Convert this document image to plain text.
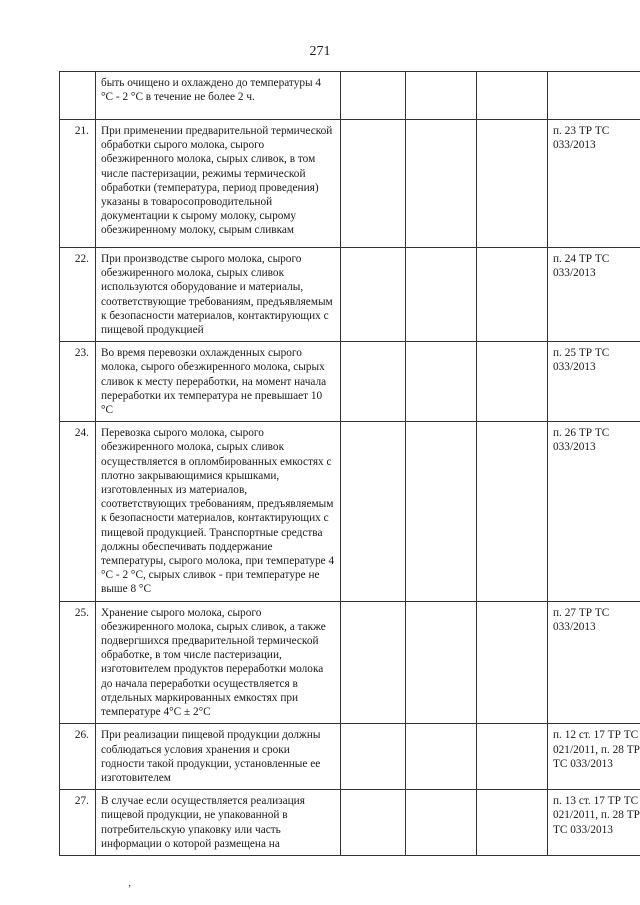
271
	быть очищено и охлаждено до температуры 4 °С - 2 °С в течение не более 2 ч.				
21.	При применении предварительной термической обработки сырого молока, сырого обезжиренного молока, сырых сливок, в том числе пастеризации, режимы термической обработки (температура, период проведения) указаны в товаросопроводительной документации к сырому молоку, сырому обезжиренному молоку, сырым сливкам				п. 23 ТР ТС 033/2013
22.	При производстве сырого молока, сырого обезжиренного молока, сырых сливок используются оборудование и материалы, соответствующие требованиям, предъявляемым к безопасности материалов, контактирующих с пищевой продукцией				п. 24 ТР ТС 033/2013
23.	Во время перевозки охлажденных сырого молока, сырого обезжиренного молока, сырых сливок к месту переработки, на момент начала переработки их температура не превышает 10 °С				п. 25 ТР ТС 033/2013
24.	Перевозка сырого молока, сырого обезжиренного молока, сырых сливок осуществляется в опломбированных емкостях с плотно закрывающимися крышками, изготовленных из материалов, соответствующих требованиям, предъявляемым к безопасности материалов, контактирующих с пищевой продукцией. Транспортные средства должны обеспечивать поддержание температуры, сырого молока, при температуре 4 °С - 2 °С, сырых сливок - при температуре не выше 8 °С				п. 26 ТР ТС 033/2013
25.	Хранение сырого молока, сырого обезжиренного молока, сырых сливок, а также подвергшихся предварительной термической обработке, в том числе пастеризации, изготовителем продуктов переработки молока до начала переработки осуществляется в отдельных маркированных емкостях при температуре 4°С ± 2°С				п. 27 ТР ТС 033/2013
26.	При реализации пищевой продукции должны соблюдаться условия хранения и сроки годности такой продукции, установленные ее изготовителем				п. 12 ст. 17 ТР ТС 021/2011, п. 28 ТР ТС 033/2013
27.	В случае если осуществляется реализация пищевой продукции, не упакованной в потребительскую упаковку или часть информации о которой размещена на				п. 13 ст. 17 ТР ТС 021/2011, п. 28 ТР ТС 033/2013
’
